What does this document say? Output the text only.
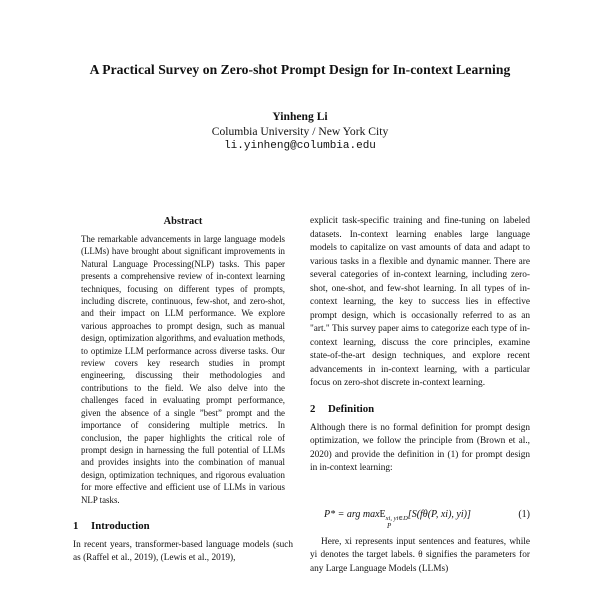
A Practical Survey on Zero-shot Prompt Design for In-context Learning
Yinheng Li
Columbia University / New York City
li.yinheng@columbia.edu
Abstract

The remarkable advancements in large language models (LLMs) have brought about significant improvements in Natural Language Processing(NLP) tasks. This paper presents a comprehensive review of in-context learning techniques, focusing on different types of prompts, including discrete, continuous, few-shot, and zero-shot, and their impact on LLM performance. We explore various approaches to prompt design, such as manual design, optimization algorithms, and evaluation methods, to optimize LLM performance across diverse tasks. Our review covers key research studies in prompt engineering, discussing their methodologies and contributions to the field. We also delve into the challenges faced in evaluating prompt performance, given the absence of a single ”best” prompt and the importance of considering multiple metrics. In conclusion, the paper highlights the critical role of prompt design in harnessing the full potential of LLMs and provides insights into the combination of manual design, optimization techniques, and rigorous evaluation for more effective and efficient use of LLMs in various NLP tasks.

1 Introduction

In recent years, transformer-based language models (such as (Raffel et al., 2019), (Lewis et al., 2019),

explicit task-specific training and fine-tuning on labeled datasets. In-context learning enables large language models to capitalize on vast amounts of data and adapt to various tasks in a flexible and dynamic manner. There are several categories of in-context learning, including zero-shot, one-shot, and few-shot learning. In all types of in-context learning, the key to success lies in effective prompt design, which is occasionally referred to as an "art." This survey paper aims to categorize each type of in-context learning, discuss the core principles, examine state-of-the-art design techniques, and explore recent advancements in in-context learning, with a particular focus on zero-shot discrete in-context learning.

2 Definition

Although there is no formal definition for prompt design optimization, we follow the principle from (Brown et al., 2020) and provide the definition in (1) for prompt design in in-context learning:

P* = arg maxE$_{xi, yi\in D}$[S(fθ(P, xi), yi)]
P
(1)

Here, xi represents input sentences and features, while yi denotes the target labels. θ signifies the parameters for any Large Language Models (LLMs)
